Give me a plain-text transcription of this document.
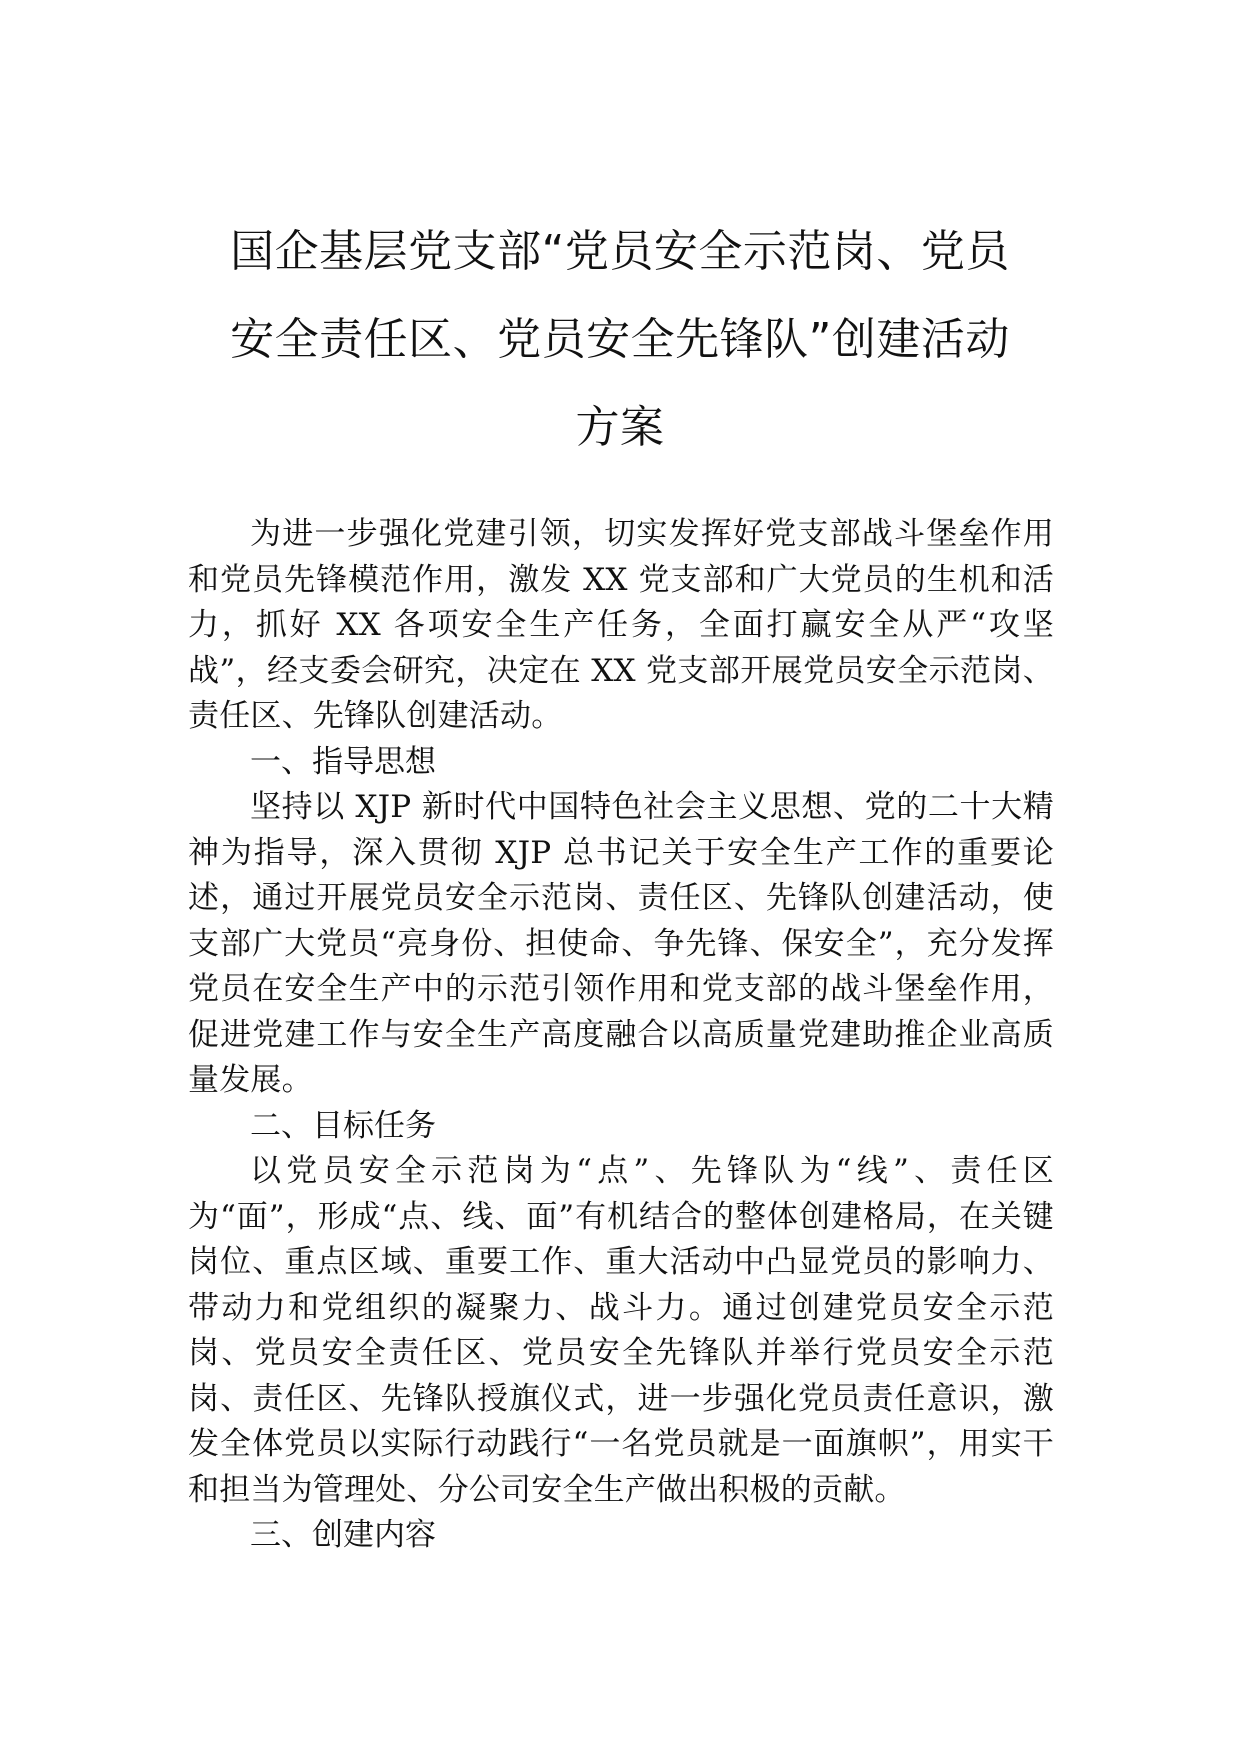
国企基层党支部“党员安全示范岗、党员
安全责任区、党员安全先锋队”创建活动
方案

为进一步强化党建引领，切实发挥好党支部战斗堡垒作用和党员先锋模范作用，激发 XX 党支部和广大党员的生机和活力，抓好 XX 各项安全生产任务，全面打赢安全从严“攻坚战”，经支委会研究，决定在 XX 党支部开展党员安全示范岗、责任区、先锋队创建活动。

一、指导思想

坚持以 XJP 新时代中国特色社会主义思想、党的二十大精神为指导，深入贯彻 XJP 总书记关于安全生产工作的重要论述，通过开展党员安全示范岗、责任区、先锋队创建活动，使支部广大党员“亮身份、担使命、争先锋、保安全”，充分发挥党员在安全生产中的示范引领作用和党支部的战斗堡垒作用，促进党建工作与安全生产高度融合以高质量党建助推企业高质量发展。

二、目标任务

以党员安全示范岗为“点”、先锋队为“线”、责任区为“面”，形成“点、线、面”有机结合的整体创建格局，在关键岗位、重点区域、重要工作、重大活动中凸显党员的影响力、带动力和党组织的凝聚力、战斗力。通过创建党员安全示范岗、党员安全责任区、党员安全先锋队并举行党员安全示范岗、责任区、先锋队授旗仪式，进一步强化党员责任意识，激发全体党员以实际行动践行“一名党员就是一面旗帜”，用实干和担当为管理处、分公司安全生产做出积极的贡献。

三、创建内容
